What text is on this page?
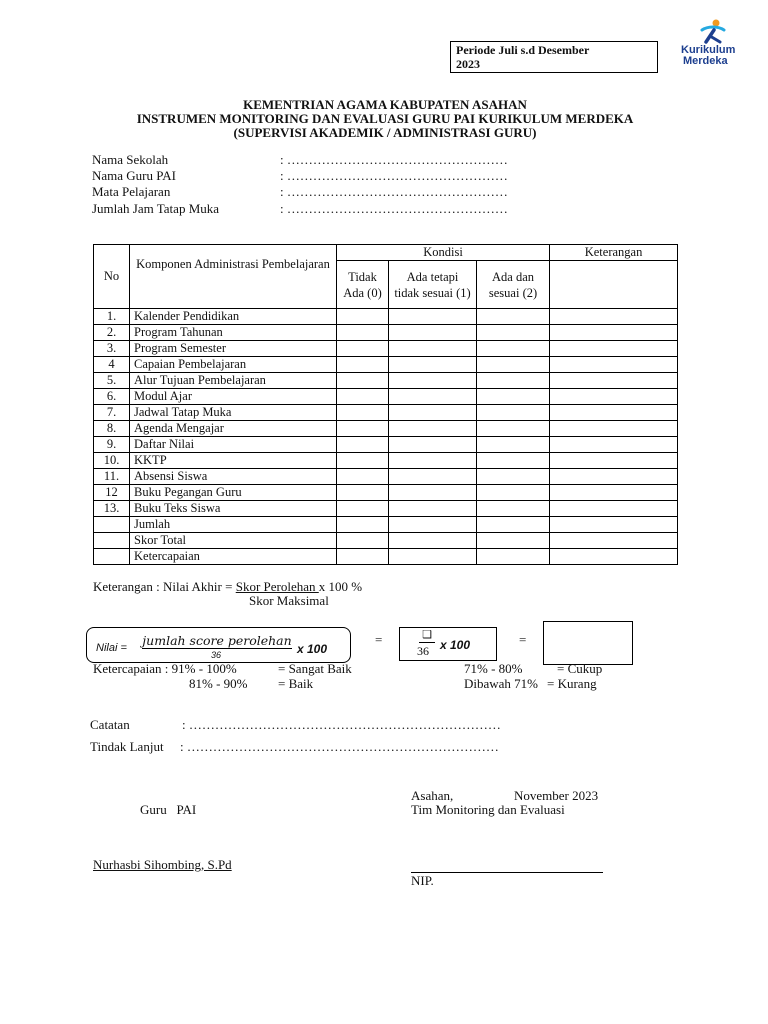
Periode Juli s.d Desember
2023
Kurikulum
Merdeka
KEMENTRIAN AGAMA KABUPATEN ASAHAN
INSTRUMEN MONITORING DAN EVALUASI GURU PAI KURIKULUM MERDEKA
(SUPERVISI AKADEMIK / ADMINISTRASI GURU)
Nama Sekolah	: ……………………………………………
Nama Guru PAI	: ……………………………………………
Mata Pelajaran	: ……………………………………………
Jumlah Jam Tatap Muka	: ……………………………………………
No	Komponen Administrasi Pembelajaran	Kondisi			Keterangan
		Tidak Ada (0)	Ada tetapi tidak sesuai (1)	Ada dan sesuai (2)	
1.	Kalender Pendidikan				
2.	Program Tahunan				
3.	Program Semester				
4	Capaian Pembelajaran				
5.	Alur Tujuan Pembelajaran				
6.	Modul Ajar				
7.	Jadwal Tatap Muka				
8.	Agenda Mengajar				
9.	Daftar Nilai				
10.	KKTP				
11.	Absensi Siswa				
12	Buku Pegangan Guru				
13.	Buku Teks Siswa				
	Jumlah				
	Skor Total				
	Ketercapaian				
Keterangan : Nilai Akhir = Skor Perolehan x 100 %
Skor Maksimal
Nilai = jumlah score perolehan
36	x 100
=	❑
36 x 100	=
Ketercapaian : 91% - 100%	= Sangat Baik
81% - 90% = Baik
71% - 80%	= Cukup
Dibawah 71% = Kurang
Catatan	: ………………………………………………………………
Tindak Lanjut : ………………………………………………………………
Asahan,	November 2023
Tim Monitoring dan Evaluasi
Guru   PAI
Nurhasbi Sihombing, S.Pd
NIP.
